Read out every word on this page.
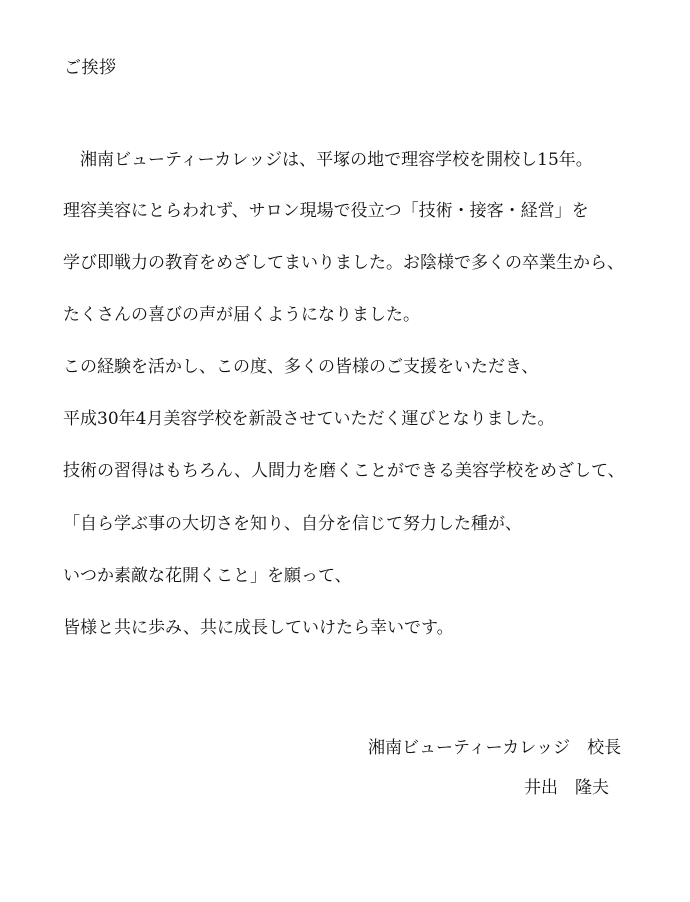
ご挨拶
　湘南ビューティーカレッジは、平塚の地で理容学校を開校し15年。
理容美容にとらわれず、サロン現場で役立つ「技術・接客・経営」を
学び即戦力の教育をめざしてまいりました。お陰様で多くの卒業生から、
たくさんの喜びの声が届くようになりました。
この経験を活かし、この度、多くの皆様のご支援をいただき、
平成30年4月美容学校を新設させていただく運びとなりました。
技術の習得はもちろん、人間力を磨くことができる美容学校をめざして、
「自ら学ぶ事の大切さを知り、自分を信じて努力した種が、
いつか素敵な花開くこと」を願って、
皆様と共に歩み、共に成長していけたら幸いです。
湘南ビューティーカレッジ　校長
井出　隆夫
